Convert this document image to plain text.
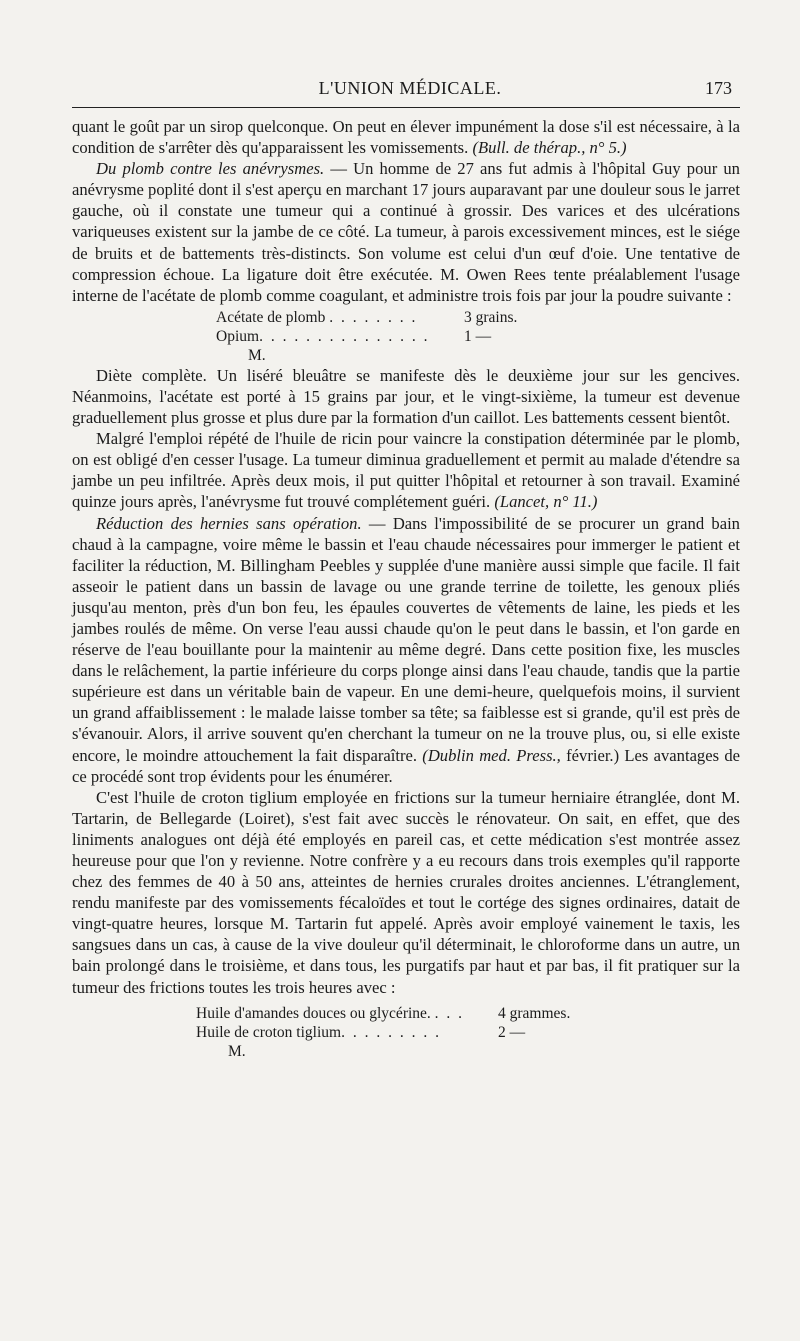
L'UNION MÉDICALE.	173

quant le goût par un sirop quelconque. On peut en élever impunément la dose s'il est nécessaire, à la condition de s'arrêter dès qu'apparaissent les vomissements. (Bull. de thérap., n° 5.)

Du plomb contre les anévrysmes. — Un homme de 27 ans fut admis à l'hôpital Guy pour un anévrysme poplité dont il s'est aperçu en marchant 17 jours auparavant par une douleur sous le jarret gauche, où il constate une tumeur qui a continué à grossir. Des varices et des ulcérations variqueuses existent sur la jambe de ce côté. La tumeur, à parois excessivement minces, est le siége de bruits et de battements très-distincts. Son volume est celui d'un œuf d'oie. Une tentative de compression échoue. La ligature doit être exécutée. M. Owen Rees tente préalablement l'usage interne de l'acétate de plomb comme coagulant, et administre trois fois par jour la poudre suivante :

Acétate de plomb . . . . . . . .	3 grains.
Opium. . . . . . . . . . . . . . .	1 —
M.

Diète complète. Un liséré bleuâtre se manifeste dès le deuxième jour sur les gencives. Néanmoins, l'acétate est porté à 15 grains par jour, et le vingt-sixième, la tumeur est devenue graduellement plus grosse et plus dure par la formation d'un caillot. Les battements cessent bientôt.

Malgré l'emploi répété de l'huile de ricin pour vaincre la constipation déterminée par le plomb, on est obligé d'en cesser l'usage. La tumeur diminua graduellement et permit au malade d'étendre sa jambe un peu infiltrée. Après deux mois, il put quitter l'hôpital et retourner à son travail. Examiné quinze jours après, l'anévrysme fut trouvé complétement guéri. (Lancet, n° 11.)

Réduction des hernies sans opération. — Dans l'impossibilité de se procurer un grand bain chaud à la campagne, voire même le bassin et l'eau chaude nécessaires pour immerger le patient et faciliter la réduction, M. Billingham Peebles y supplée d'une manière aussi simple que facile. Il fait asseoir le patient dans un bassin de lavage ou une grande terrine de toilette, les genoux pliés jusqu'au menton, près d'un bon feu, les épaules couvertes de vêtements de laine, les pieds et les jambes roulés de même. On verse l'eau aussi chaude qu'on le peut dans le bassin, et l'on garde en réserve de l'eau bouillante pour la maintenir au même degré. Dans cette position fixe, les muscles dans le relâchement, la partie inférieure du corps plonge ainsi dans l'eau chaude, tandis que la partie supérieure est dans un véritable bain de vapeur. En une demi-heure, quelquefois moins, il survient un grand affaiblissement : le malade laisse tomber sa tête; sa faiblesse est si grande, qu'il est près de s'évanouir. Alors, il arrive souvent qu'en cherchant la tumeur on ne la trouve plus, ou, si elle existe encore, le moindre attouchement la fait disparaître. (Dublin med. Press., février.) Les avantages de ce procédé sont trop évidents pour les énumérer.

C'est l'huile de croton tiglium employée en frictions sur la tumeur herniaire étranglée, dont M. Tartarin, de Bellegarde (Loiret), s'est fait avec succès le rénovateur. On sait, en effet, que des liniments analogues ont déjà été employés en pareil cas, et cette médication s'est montrée assez heureuse pour que l'on y revienne. Notre confrère y a eu recours dans trois exemples qu'il rapporte chez des femmes de 40 à 50 ans, atteintes de hernies crurales droites anciennes. L'étranglement, rendu manifeste par des vomissements fécaloïdes et tout le cortége des signes ordinaires, datait de vingt-quatre heures, lorsque M. Tartarin fut appelé. Après avoir employé vainement le taxis, les sangsues dans un cas, à cause de la vive douleur qu'il déterminait, le chloroforme dans un autre, un bain prolongé dans le troisième, et dans tous, les purgatifs par haut et par bas, il fit pratiquer sur la tumeur des frictions toutes les trois heures avec :

Huile d'amandes douces ou glycérine. . . .	4 grammes.
Huile de croton tiglium. . . . . . . . .	2 —
M.
